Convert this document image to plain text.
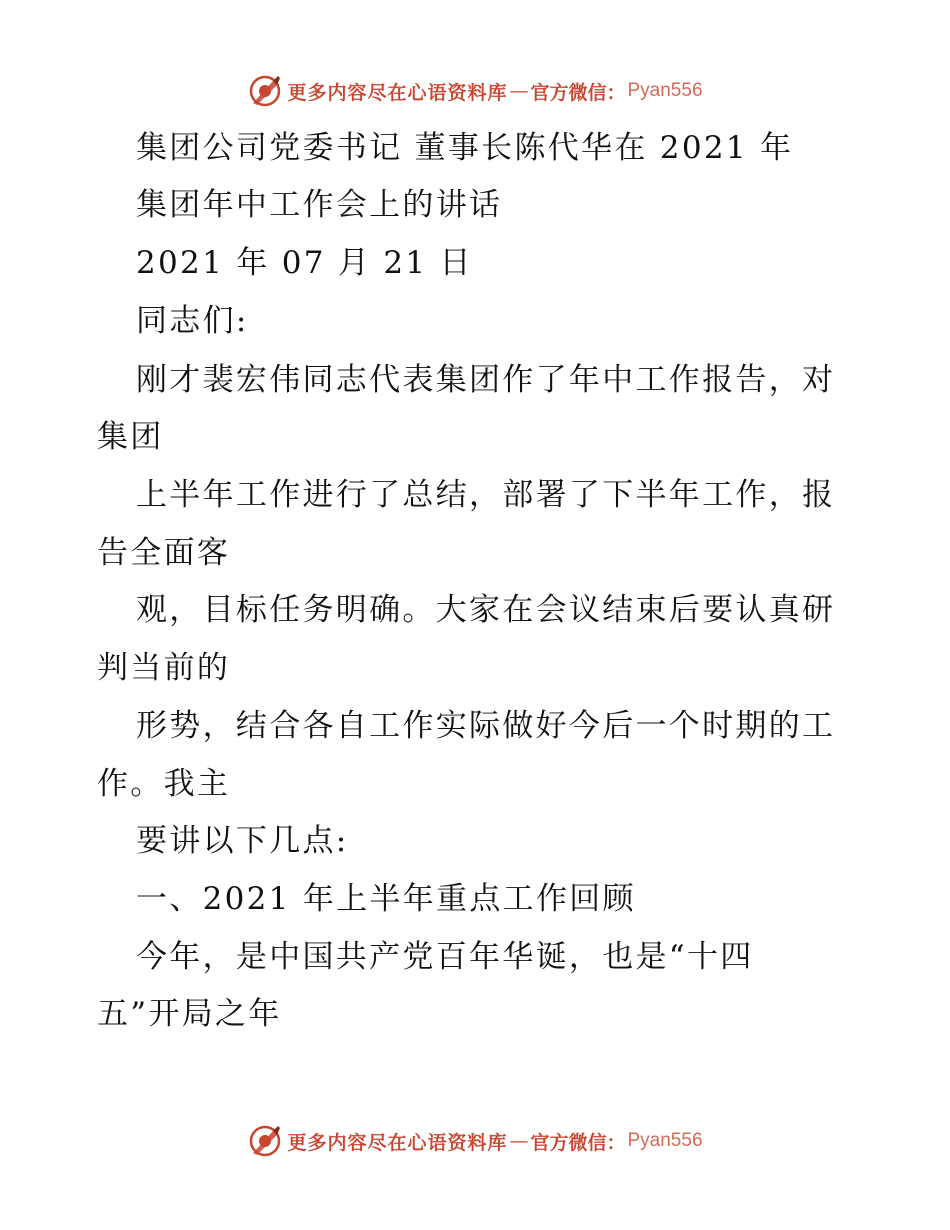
更多内容尽在心语资料库 — 官方微信： Pyan556
集团公司党委书记 董事长陈代华在 2021 年
集团年中工作会上的讲话
2021 年 07 月 21 日
同志们:
刚才裴宏伟同志代表集团作了年中工作报告，对
集团
上半年工作进行了总结，部署了下半年工作，报
告全面客
观，目标任务明确。大家在会议结束后要认真研
判当前的
形势，结合各自工作实际做好今后一个时期的工
作。我主
要讲以下几点:
一、2021 年上半年重点工作回顾
今年，是中国共产党百年华诞，也是“十四
五”开局之年
更多内容尽在心语资料库 — 官方微信： Pyan556
